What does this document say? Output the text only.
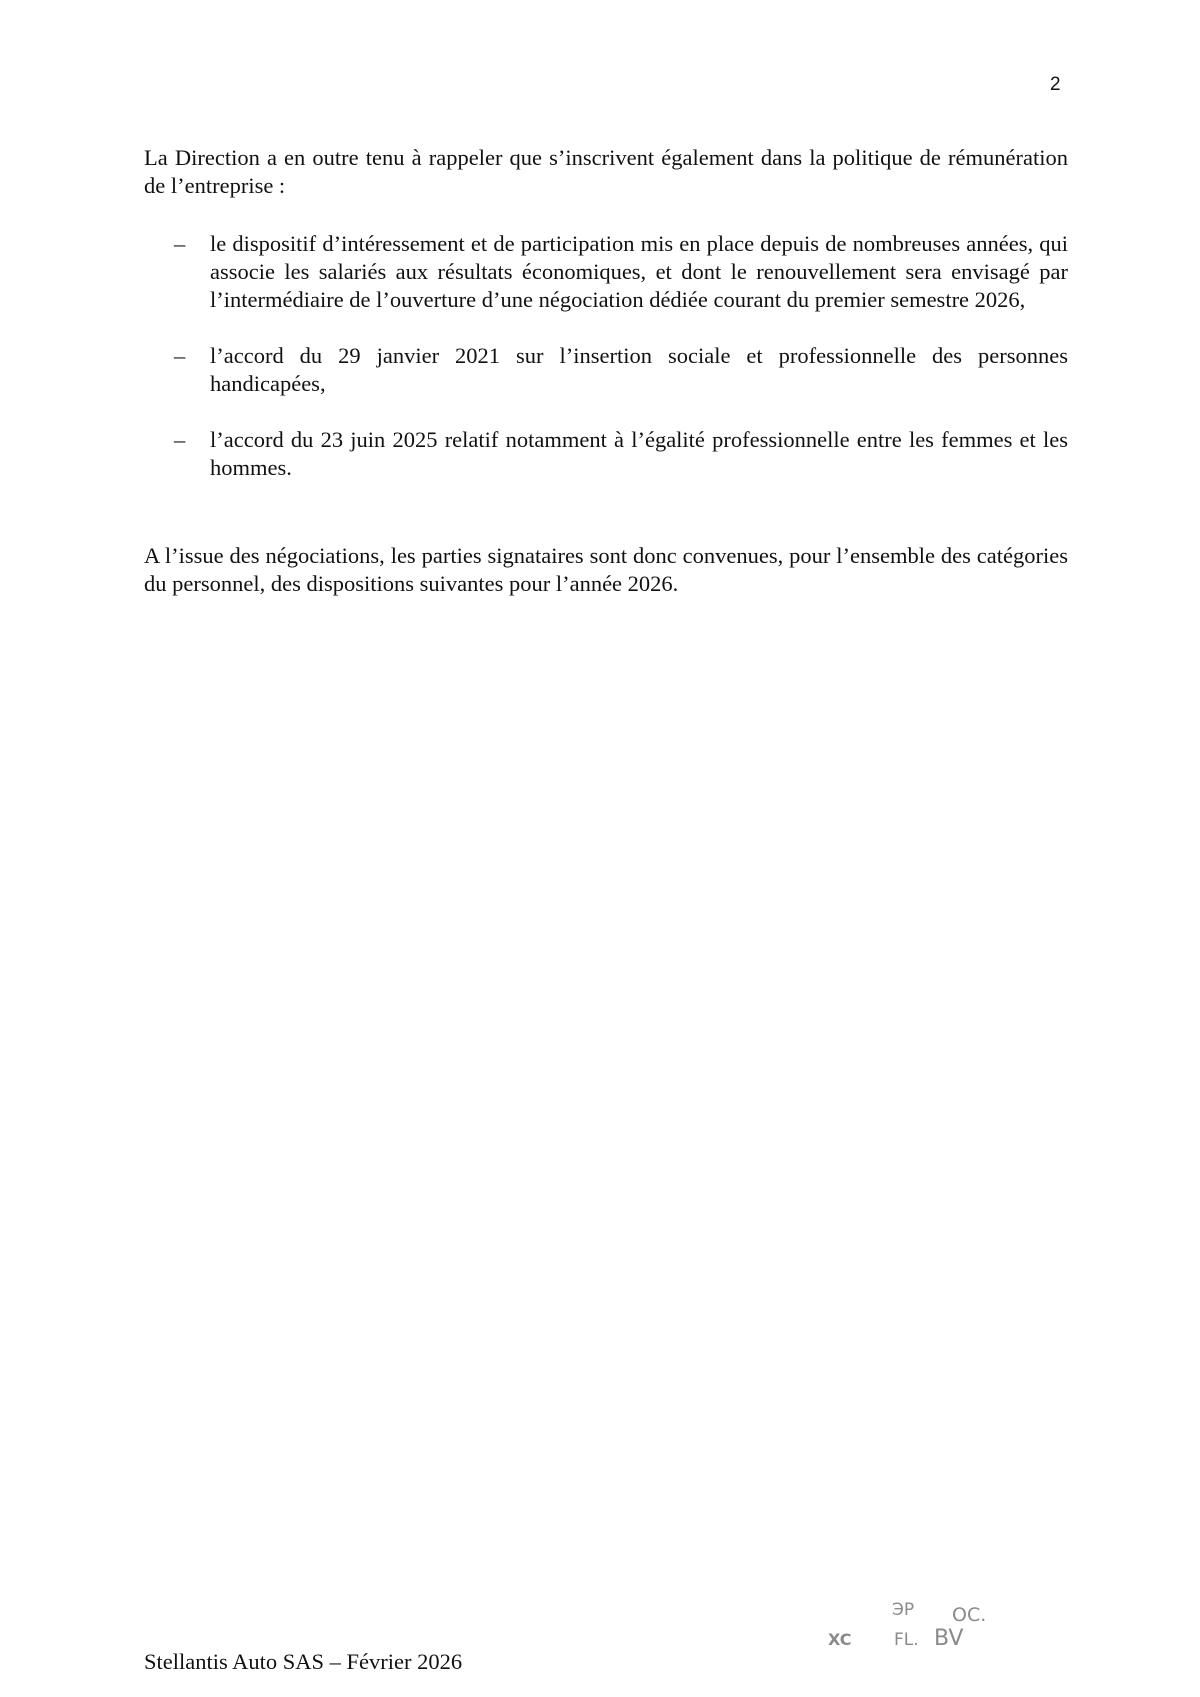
2

La Direction a en outre tenu à rappeler que s’inscrivent également dans la politique de rémunération de l’entreprise :

– le dispositif d’intéressement et de participation mis en place depuis de nombreuses années, qui associe les salariés aux résultats économiques, et dont le renouvellement sera envisagé par l’intermédiaire de l’ouverture d’une négociation dédiée courant du premier semestre 2026,
– l’accord du 29 janvier 2021 sur l’insertion sociale et professionnelle des personnes handicapées,
– l’accord du 23 juin 2025 relatif notamment à l’égalité professionnelle entre les femmes et les hommes.

A l’issue des négociations, les parties signataires sont donc convenues, pour l’ensemble des catégories du personnel, des dispositions suivantes pour l’année 2026.

XC
ЭP OC.
FL. BV
Stellantis Auto SAS – Février 2026
